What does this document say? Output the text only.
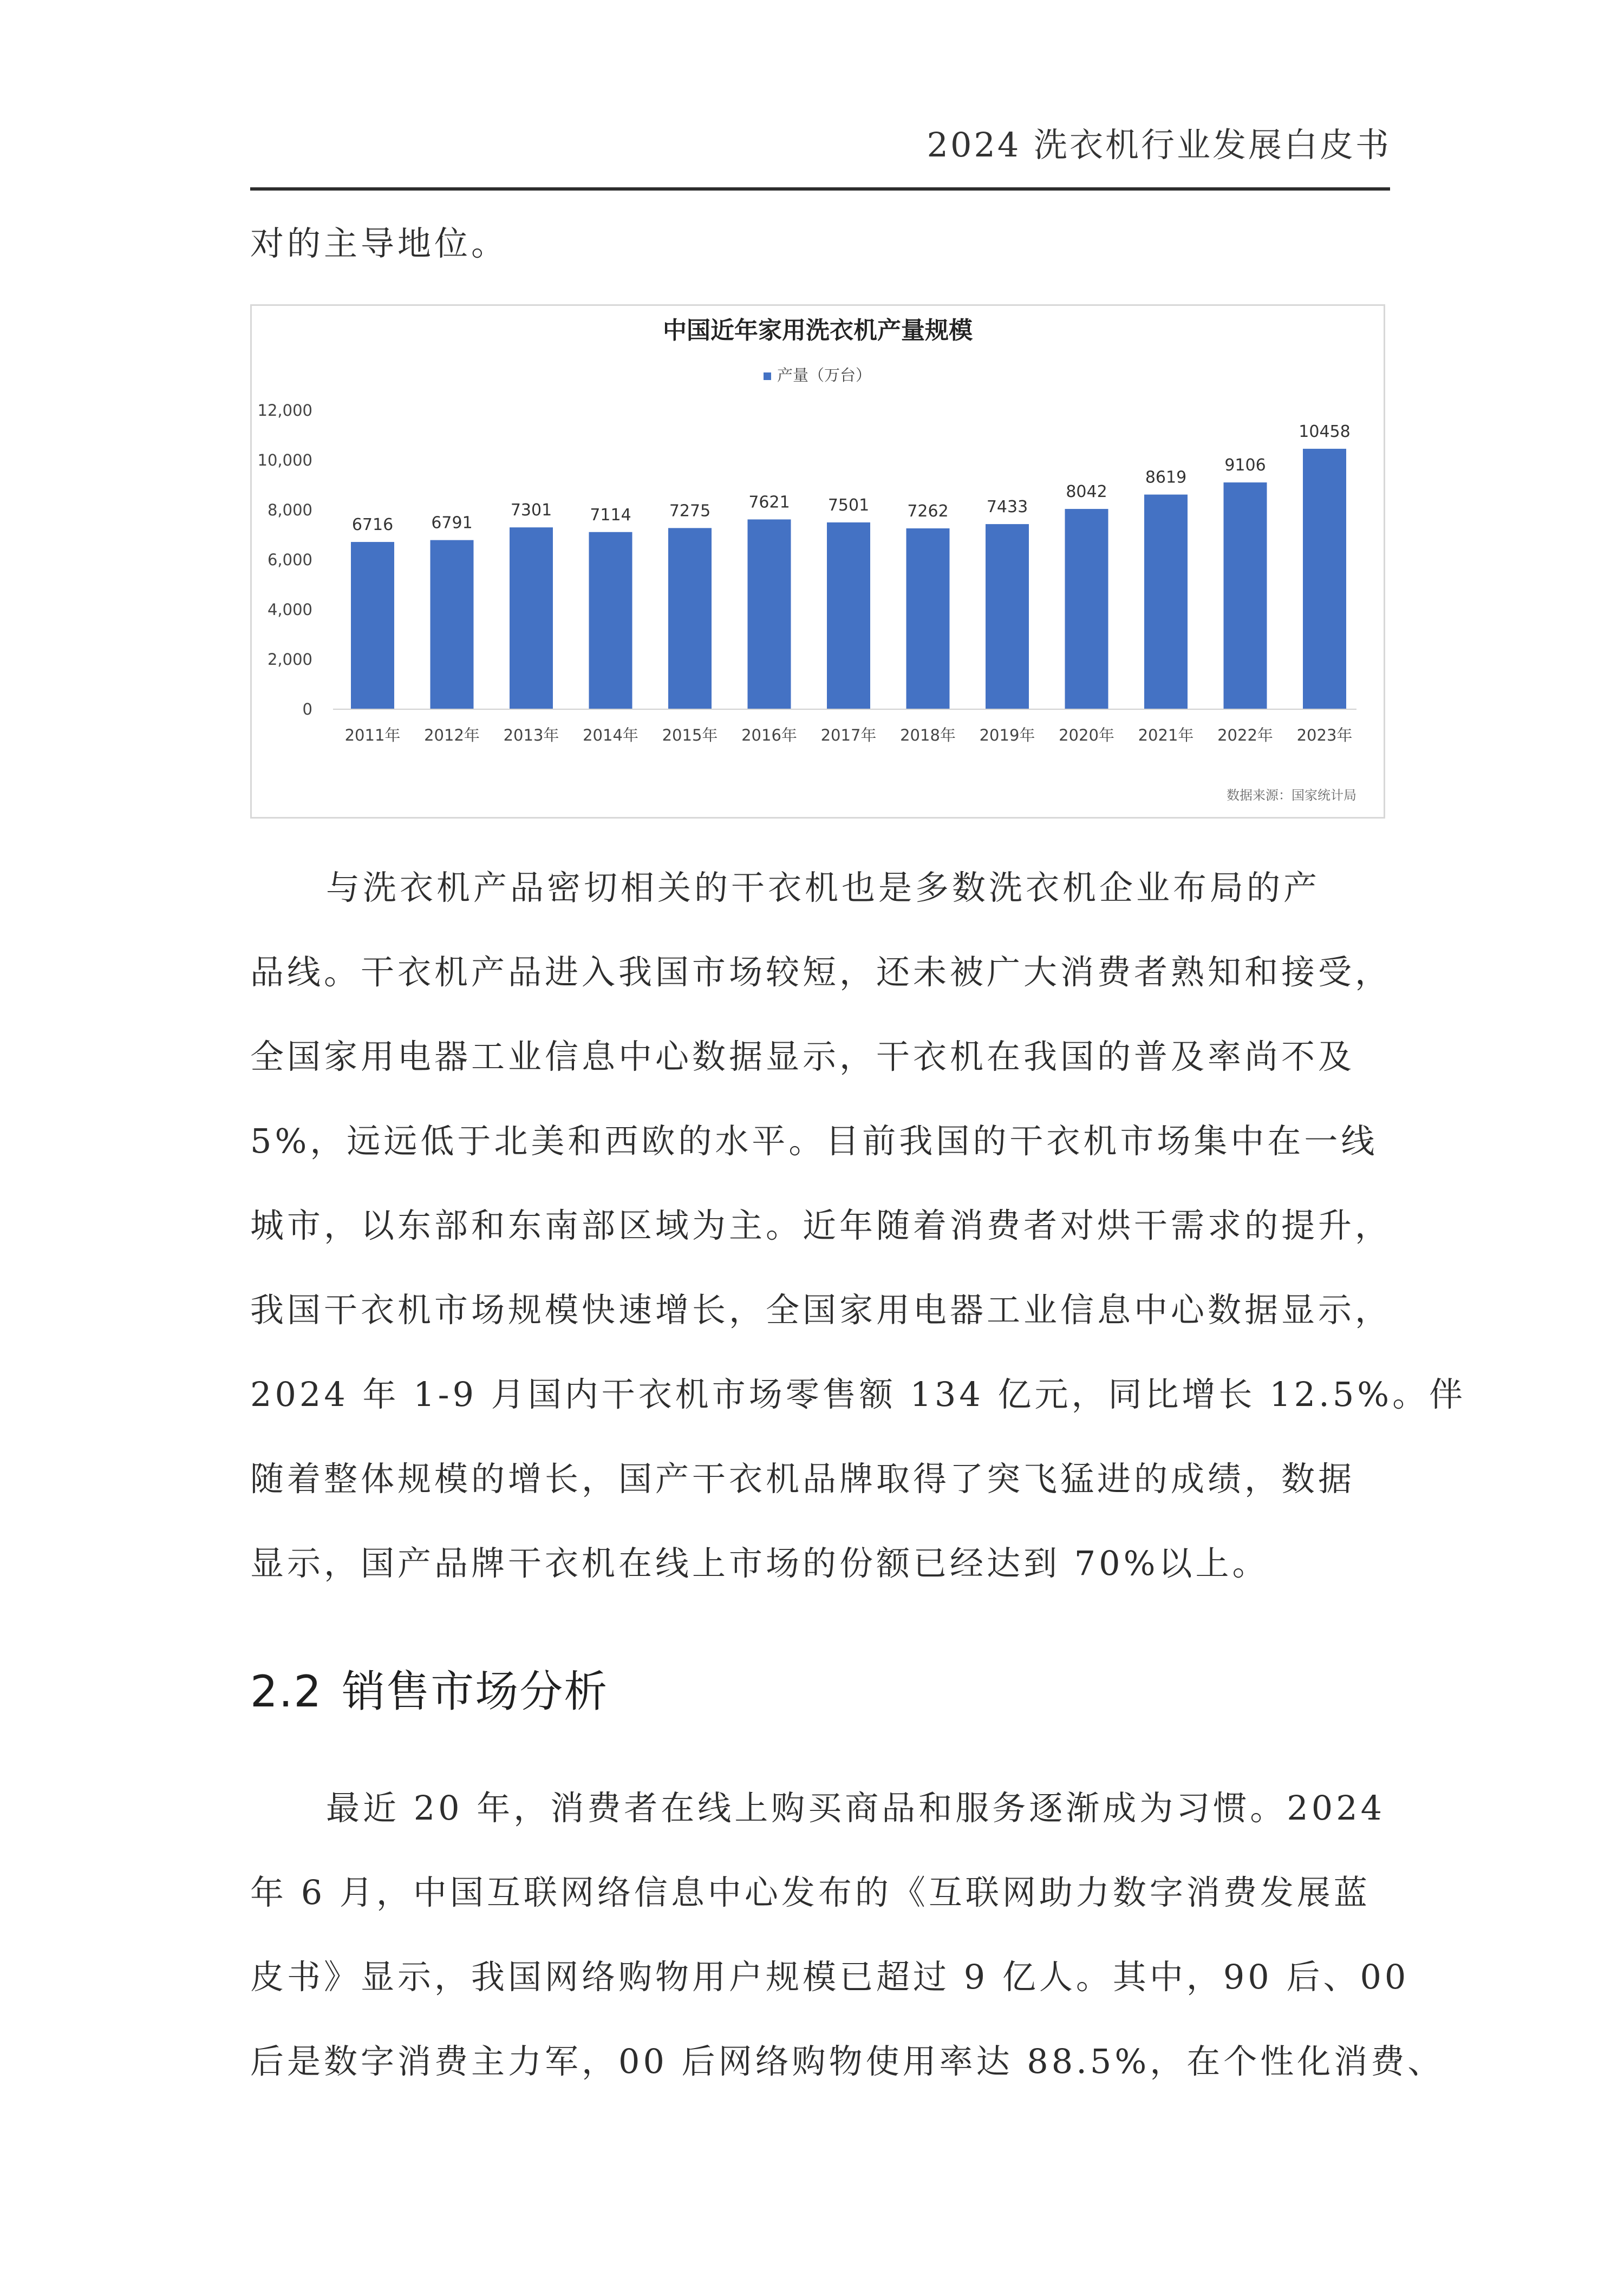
2024 洗衣机行业发展白皮书
对的主导地位。
中国近年家用洗衣机产量规模
产量（万台）
0
2,000
4,000
6,000
8,000
10,000
12,000
6716
2011年
6791
2012年
7301
2013年
7114
2014年
7275
2015年
7621
2016年
7501
2017年
7262
2018年
7433
2019年
8042
2020年
8619
2021年
9106
2022年
10458
2023年
数据来源：国家统计局
与洗衣机产品密切相关的干衣机也是多数洗衣机企业布局的产
品线。干衣机产品进入我国市场较短，还未被广大消费者熟知和接受，
全国家用电器工业信息中心数据显示，干衣机在我国的普及率尚不及
5%，远远低于北美和西欧的水平。目前我国的干衣机市场集中在一线
城市，以东部和东南部区域为主。近年随着消费者对烘干需求的提升，
我国干衣机市场规模快速增长，全国家用电器工业信息中心数据显示，
2024 年 1-9 月国内干衣机市场零售额 134 亿元，同比增长 12.5%。伴
随着整体规模的增长，国产干衣机品牌取得了突飞猛进的成绩，数据
显示，国产品牌干衣机在线上市场的份额已经达到 70%以上。
2.2 销售市场分析
最近 20 年，消费者在线上购买商品和服务逐渐成为习惯。2024
年 6 月，中国互联网络信息中心发布的《互联网助力数字消费发展蓝
皮书》显示，我国网络购物用户规模已超过 9 亿人。其中，90 后、00
后是数字消费主力军，00 后网络购物使用率达 88.5%，在个性化消费、
